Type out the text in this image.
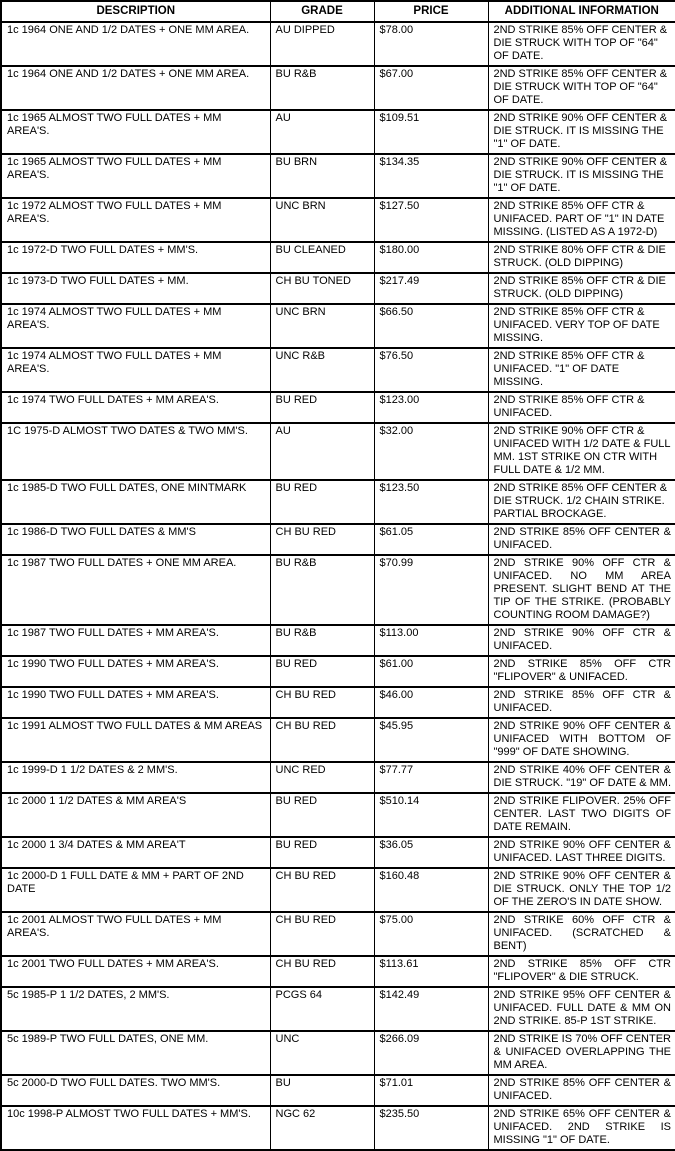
DESCRIPTION	GRADE	PRICE	ADDITIONAL INFORMATION
1c 1964 ONE AND 1/2 DATES + ONE MM AREA.	AU DIPPED	$78.00	2ND STRIKE 85% OFF CENTER & DIE STRUCK WITH TOP OF "64" OF DATE.
1c 1964 ONE AND 1/2 DATES + ONE MM AREA.	BU R&B	$67.00	2ND STRIKE 85% OFF CENTER & DIE STRUCK WITH TOP OF "64" OF DATE.
1c 1965 ALMOST TWO FULL DATES + MM AREA'S.	AU	$109.51	2ND STRIKE 90% OFF CENTER & DIE STRUCK. IT IS MISSING THE "1" OF DATE.
1c 1965 ALMOST TWO FULL DATES + MM AREA'S.	BU BRN	$134.35	2ND STRIKE 90% OFF CENTER & DIE STRUCK. IT IS MISSING THE "1" OF DATE.
1c 1972 ALMOST TWO FULL DATES + MM AREA'S.	UNC BRN	$127.50	2ND STRIKE 85% OFF CTR & UNIFACED. PART OF "1" IN DATE MISSING. (LISTED AS A 1972-D)
1c 1972-D TWO FULL DATES + MM'S.	BU CLEANED	$180.00	2ND STRIKE 80% OFF CTR & DIE STRUCK. (OLD DIPPING)
1c 1973-D TWO FULL DATES + MM.	CH BU TONED	$217.49	2ND STRIKE 85% OFF CTR & DIE STRUCK. (OLD DIPPING)
1c 1974 ALMOST TWO FULL DATES + MM AREA'S.	UNC BRN	$66.50	2ND STRIKE 85% OFF CTR & UNIFACED. VERY TOP OF DATE MISSING.
1c 1974 ALMOST TWO FULL DATES + MM AREA'S.	UNC R&B	$76.50	2ND STRIKE 85% OFF CTR & UNIFACED. "1" OF DATE MISSING.
1c 1974 TWO FULL DATES + MM AREA'S.	BU RED	$123.00	2ND STRIKE 85% OFF CTR & UNIFACED.
1C 1975-D ALMOST TWO DATES & TWO MM'S.	AU	$32.00	2ND STRIKE 90% OFF CTR & UNIFACED WITH 1/2 DATE & FULL MM. 1ST STRIKE ON CTR WITH FULL DATE & 1/2 MM.
1c 1985-D TWO FULL DATES, ONE MINTMARK	BU RED	$123.50	2ND STRIKE 85% OFF CENTER & DIE STRUCK. 1/2 CHAIN STRIKE. PARTIAL BROCKAGE.
1c 1986-D TWO FULL DATES & MM'S	CH BU RED	$61.05	2ND STRIKE 85% OFF CENTER & UNIFACED.
1c 1987 TWO FULL DATES + ONE MM AREA.	BU R&B	$70.99	2ND STRIKE 90% OFF CTR & UNIFACED. NO MM AREA PRESENT. SLIGHT BEND AT THE TIP OF THE STRIKE. (PROBABLY COUNTING ROOM DAMAGE?)
1c 1987 TWO FULL DATES + MM AREA'S.	BU R&B	$113.00	2ND STRIKE 90% OFF CTR & UNIFACED.
1c 1990 TWO FULL DATES + MM AREA'S.	BU RED	$61.00	2ND STRIKE 85% OFF CTR "FLIPOVER" & UNIFACED.
1c 1990 TWO FULL DATES + MM AREA'S.	CH BU RED	$46.00	2ND STRIKE 85% OFF CTR & UNIFACED.
1c 1991 ALMOST TWO FULL DATES & MM AREAS	CH BU RED	$45.95	2ND STRIKE 90% OFF CENTER & UNIFACED WITH BOTTOM OF "999" OF DATE SHOWING.
1c 1999-D 1 1/2 DATES & 2 MM'S.	UNC RED	$77.77	2ND STRIKE 40% OFF CENTER & DIE STRUCK. "19" OF DATE & MM.
1c 2000 1 1/2 DATES & MM AREA'S	BU RED	$510.14	2ND STRIKE FLIPOVER. 25% OFF CENTER. LAST TWO DIGITS OF DATE REMAIN.
1c 2000 1 3/4 DATES & MM AREA'T	BU RED	$36.05	2ND STRIKE 90% OFF CENTER & UNIFACED. LAST THREE DIGITS.
1c 2000-D 1 FULL DATE & MM + PART OF 2ND DATE	CH BU RED	$160.48	2ND STRIKE 90% OFF CENTER & DIE STRUCK. ONLY THE TOP 1/2 OF THE ZERO'S IN DATE SHOW.
1c 2001 ALMOST TWO FULL DATES + MM AREA'S.	CH BU RED	$75.00	2ND STRIKE 60% OFF CTR & UNIFACED. (SCRATCHED & BENT)
1c 2001 TWO FULL DATES + MM AREA'S.	CH BU RED	$113.61	2ND STRIKE 85% OFF CTR "FLIPOVER" & DIE STRUCK.
5c 1985-P 1 1/2 DATES, 2 MM'S.	PCGS 64	$142.49	2ND STRIKE 95% OFF CENTER & UNIFACED. FULL DATE & MM ON 2ND STRIKE. 85-P 1ST STRIKE.
5c 1989-P TWO FULL DATES, ONE MM.	UNC	$266.09	2ND STRIKE IS 70% OFF CENTER & UNIFACED OVERLAPPING THE MM AREA.
5c 2000-D TWO FULL DATES. TWO MM'S.	BU	$71.01	2ND STRIKE 85% OFF CENTER & UNIFACED.
10c 1998-P ALMOST TWO FULL DATES + MM'S.	NGC 62	$235.50	2ND STRIKE 65% OFF CENTER & UNIFACED. 2ND STRIKE IS MISSING "1" OF DATE.
